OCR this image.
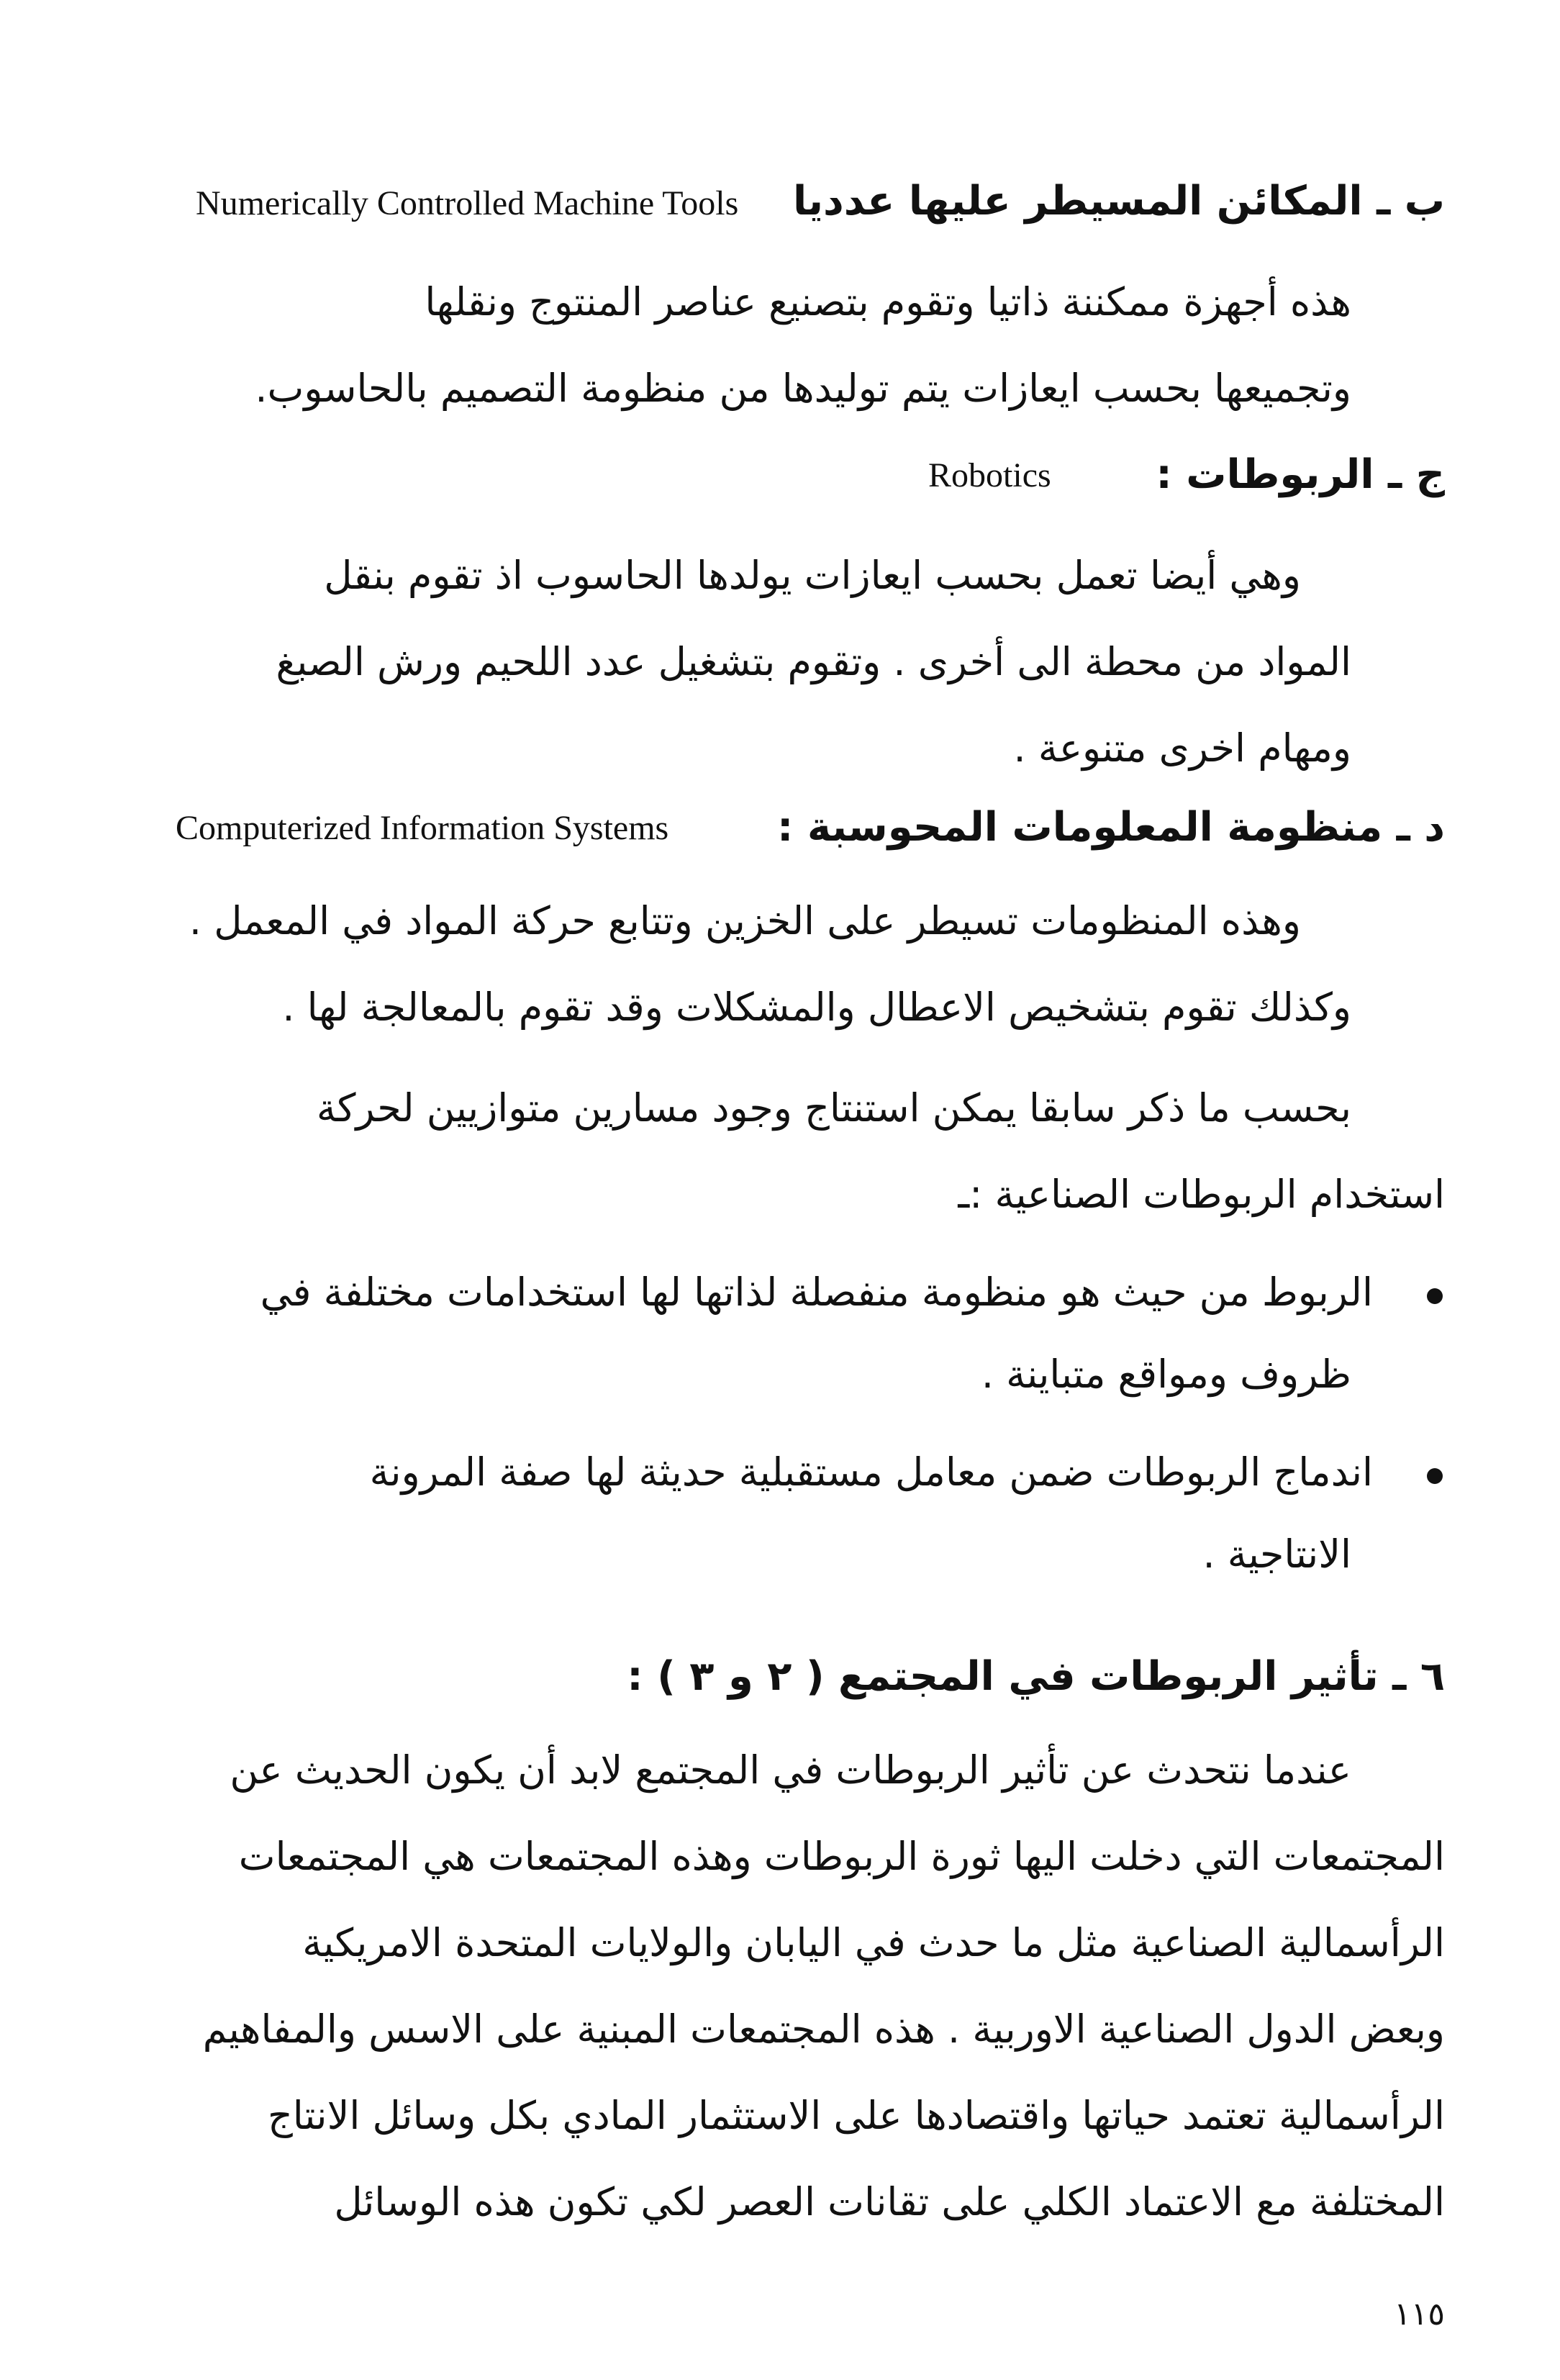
ب ـ المكائن المسيطر عليها عدديا
Numerically Controlled Machine Tools
هذه أجهزة ممكننة ذاتيا وتقوم بتصنيع عناصر المنتوج ونقلها
وتجميعها بحسب ايعازات يتم توليدها من منظومة التصميم بالحاسوب.
ج ـ الربوطات :
Robotics
وهي أيضا تعمل بحسب ايعازات يولدها الحاسوب اذ تقوم بنقل
المواد من محطة الى أخرى . وتقوم بتشغيل عدد اللحيم ورش الصبغ
ومهام اخرى متنوعة .
د ـ منظومة المعلومات المحوسبة :
Computerized Information Systems
وهذه المنظومات تسيطر على الخزين وتتابع حركة المواد في المعمل .
وكذلك تقوم بتشخيص الاعطال والمشكلات وقد تقوم بالمعالجة لها .
بحسب ما ذكر سابقا يمكن استنتاج وجود مسارين متوازيين لحركة
استخدام الربوطات الصناعية :ـ
الربوط من حيث هو منظومة منفصلة لذاتها لها استخدامات مختلفة في
ظروف ومواقع متباينة .
اندماج الربوطات ضمن معامل مستقبلية حديثة لها صفة المرونة
الانتاجية .
٦ ـ تأثير الربوطات في المجتمع ( ٢ و ٣ ) :
عندما نتحدث عن تأثير الربوطات في المجتمع لابد أن يكون الحديث عن
المجتمعات التي دخلت اليها ثورة الربوطات وهذه المجتمعات هي المجتمعات
الرأسمالية الصناعية مثل ما حدث في اليابان والولايات المتحدة الامريكية
وبعض الدول الصناعية الاوربية . هذه المجتمعات المبنية على الاسس والمفاهيم
الرأسمالية تعتمد حياتها واقتصادها على الاستثمار المادي بكل وسائل الانتاج
المختلفة مع الاعتماد الكلي على تقانات العصر لكي تكون هذه الوسائل
١١٥
